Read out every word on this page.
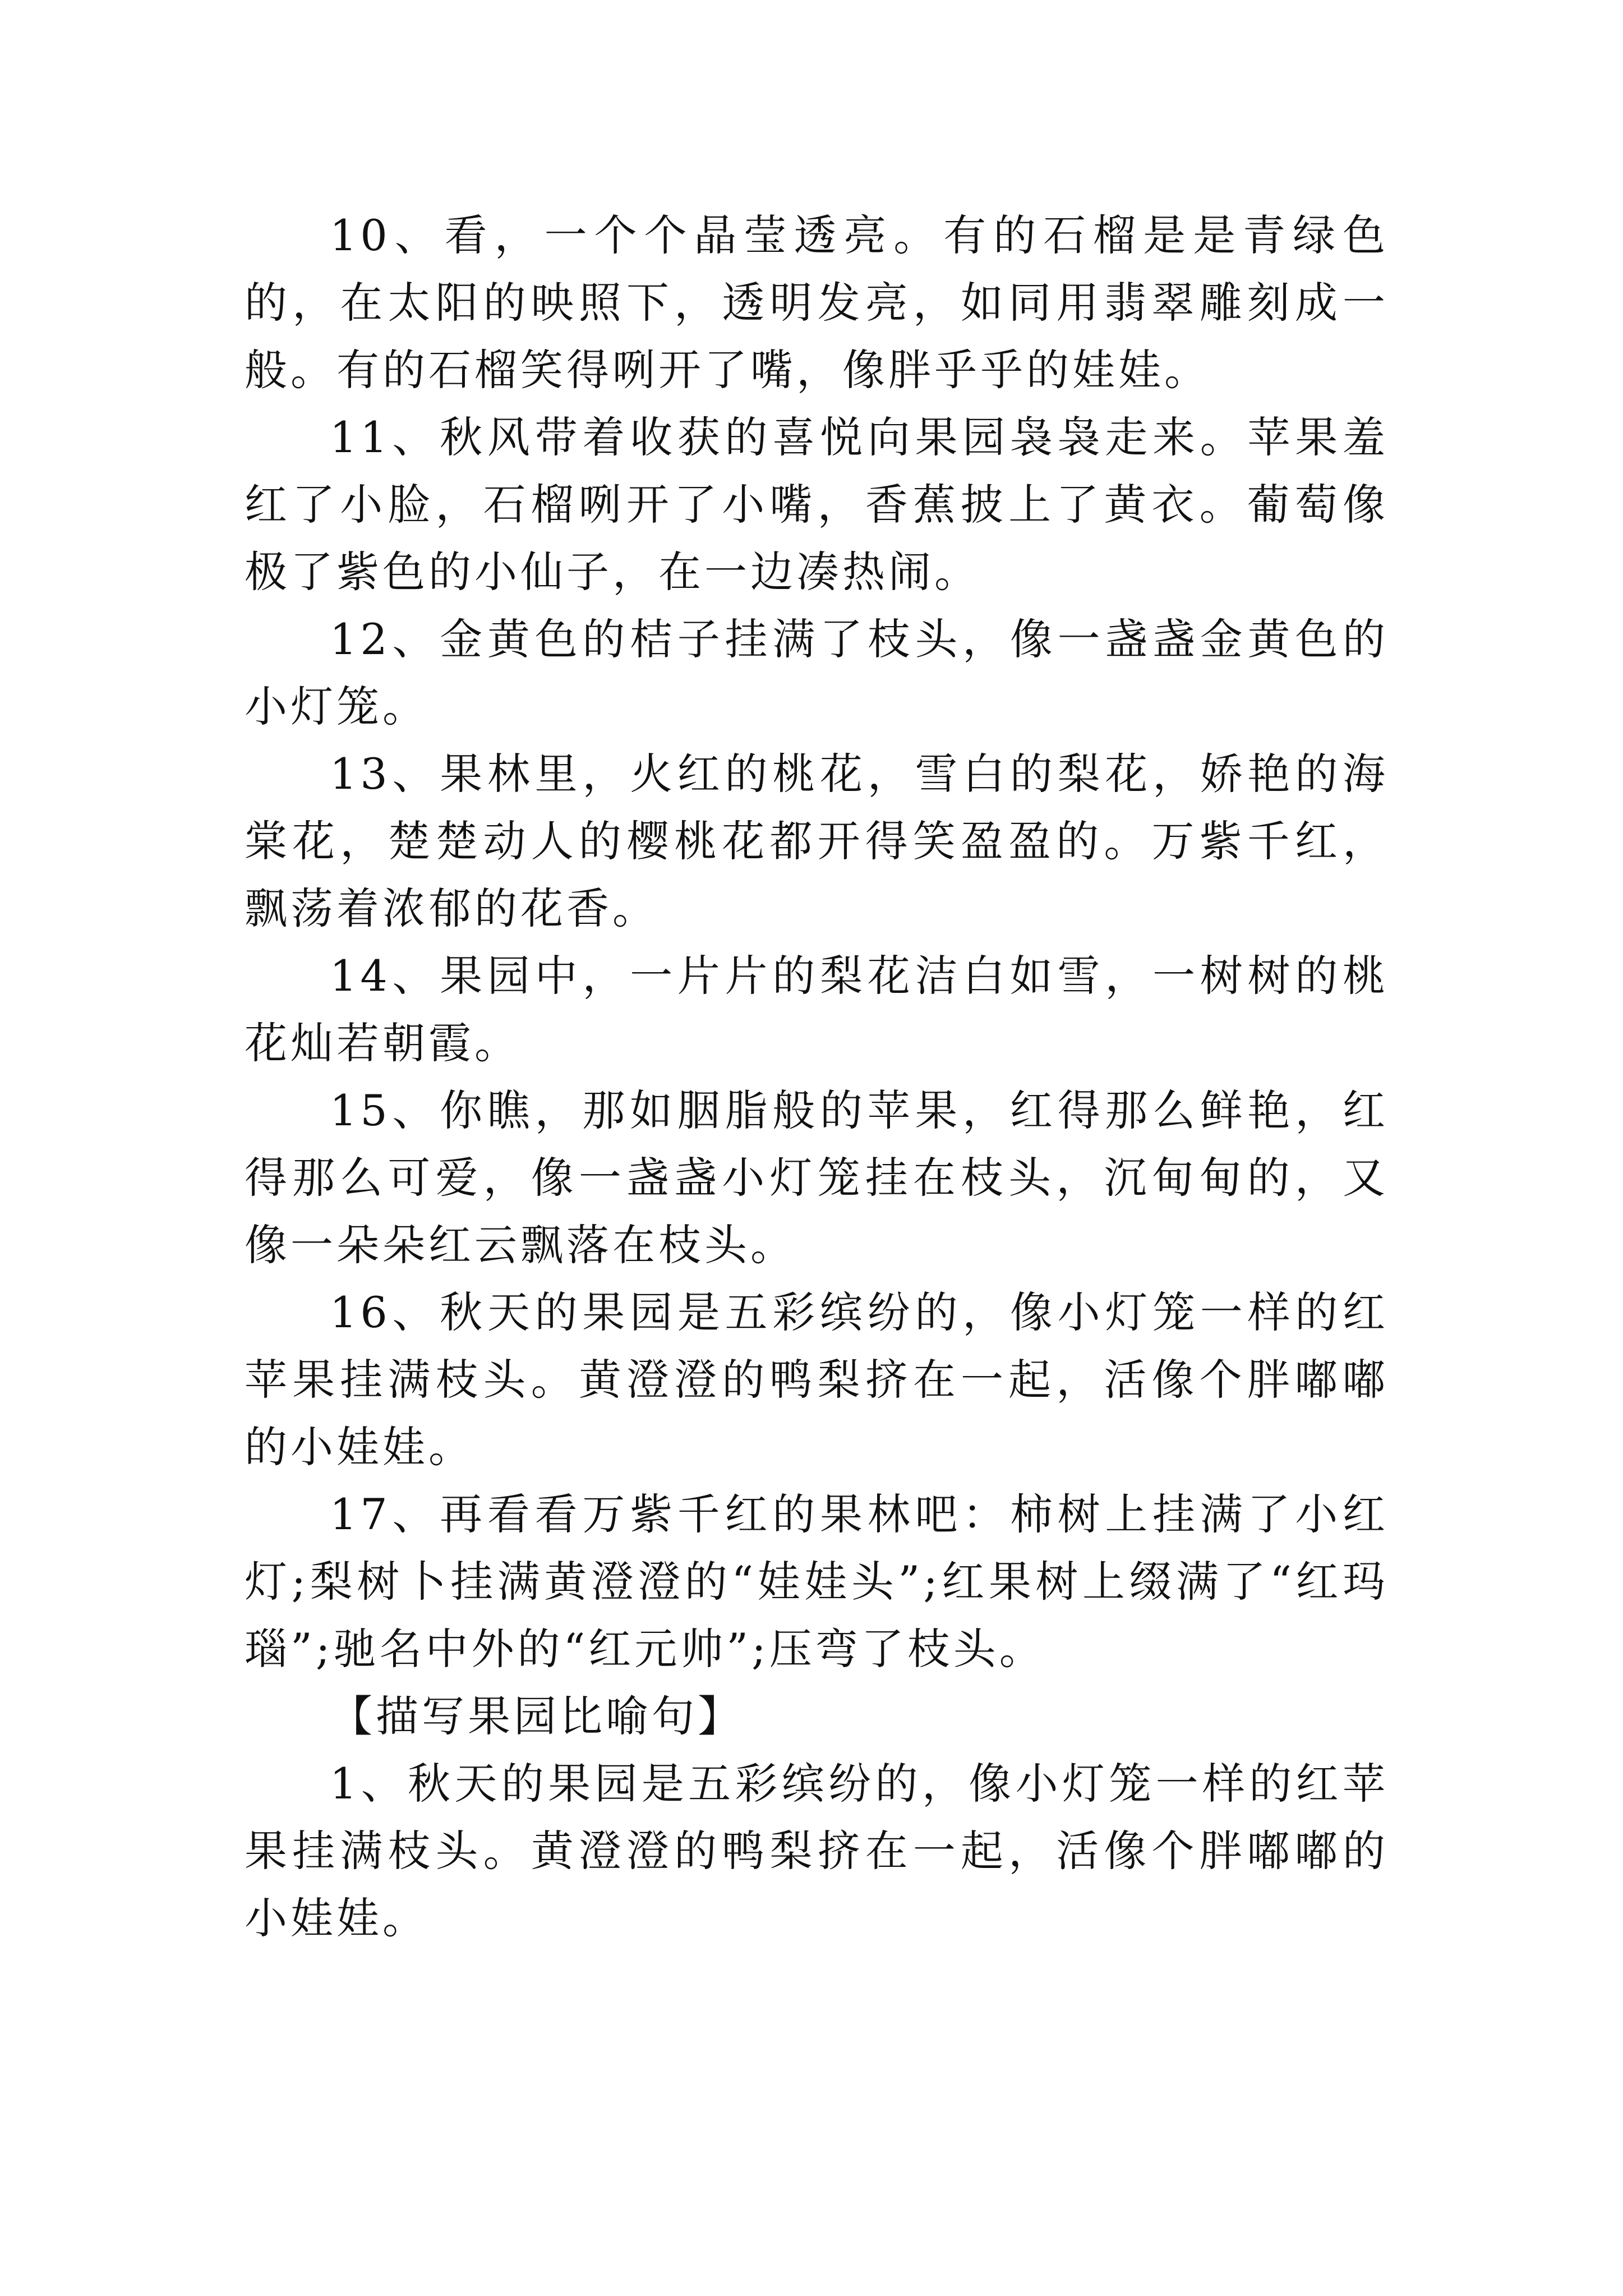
10、看，一个个晶莹透亮。有的石榴是是青绿色的，在太阳的映照下，透明发亮，如同用翡翠雕刻成一般。有的石榴笑得咧开了嘴，像胖乎乎的娃娃。

11、秋风带着收获的喜悦向果园袅袅走来。苹果羞红了小脸，石榴咧开了小嘴，香蕉披上了黄衣。葡萄像极了紫色的小仙子，在一边凑热闹。

12、金黄色的桔子挂满了枝头，像一盏盏金黄色的小灯笼。

13、果林里，火红的桃花，雪白的梨花，娇艳的海棠花，楚楚动人的樱桃花都开得笑盈盈的。万紫千红，飘荡着浓郁的花香。

14、果园中，一片片的梨花洁白如雪，一树树的桃花灿若朝霞。

15、你瞧，那如胭脂般的苹果，红得那么鲜艳，红得那么可爱，像一盏盏小灯笼挂在枝头，沉甸甸的，又像一朵朵红云飘落在枝头。

16、秋天的果园是五彩缤纷的，像小灯笼一样的红苹果挂满枝头。黄澄澄的鸭梨挤在一起，活像个胖嘟嘟的小娃娃。

17、再看看万紫千红的果林吧：柿树上挂满了小红灯;梨树卜挂满黄澄澄的“娃娃头”;红果树上缀满了“红玛瑙”;驰名中外的“红元帅”;压弯了枝头。

【描写果园比喻句】

1、秋天的果园是五彩缤纷的，像小灯笼一样的红苹果挂满枝头。黄澄澄的鸭梨挤在一起，活像个胖嘟嘟的小娃娃。
